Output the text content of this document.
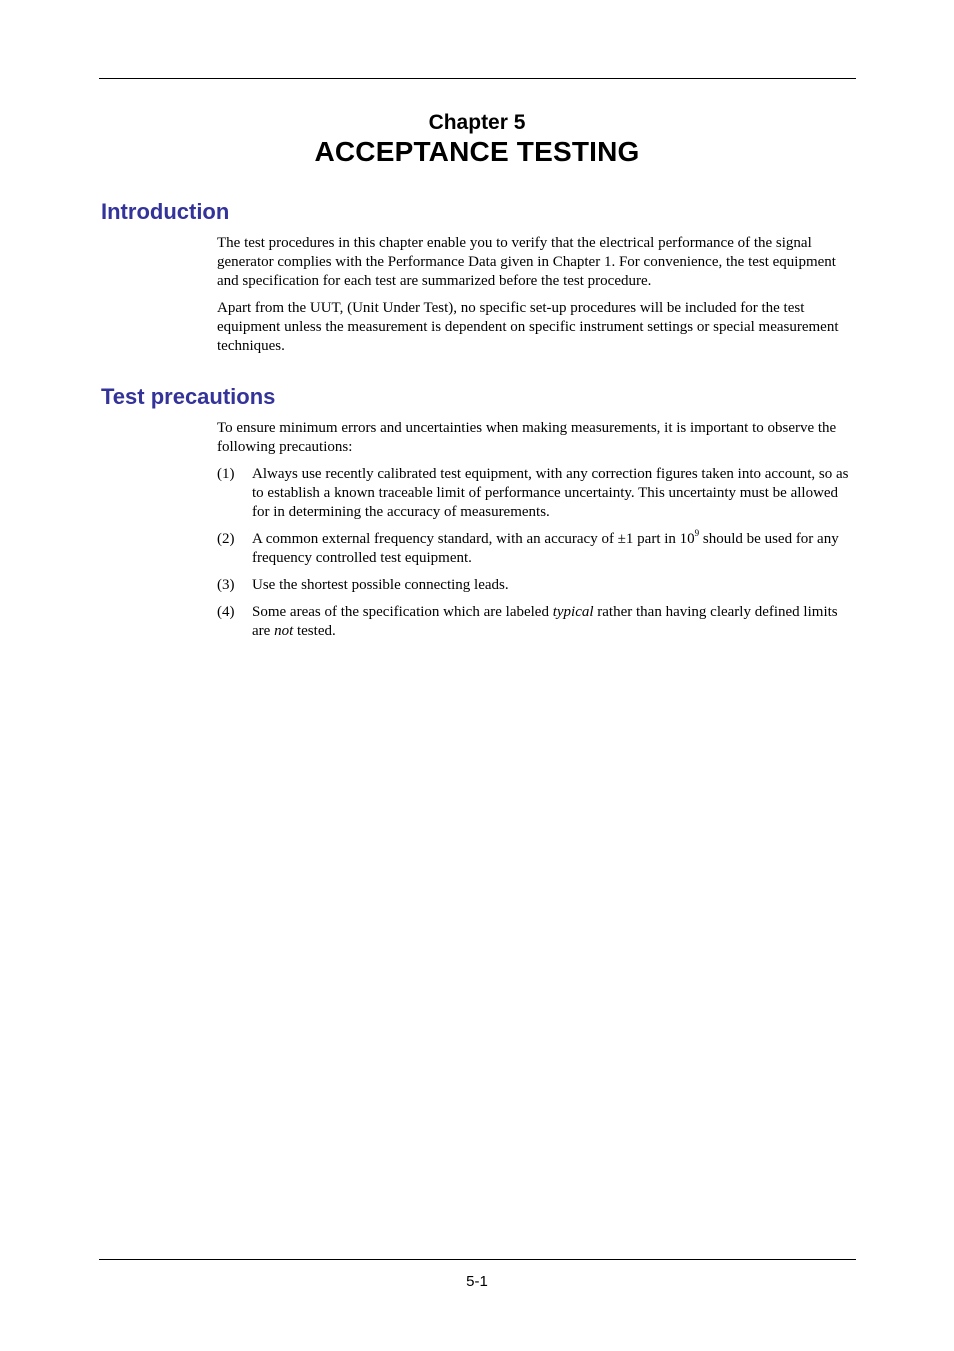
Chapter 5
ACCEPTANCE TESTING
Introduction

The test procedures in this chapter enable you to verify that the electrical performance of the signal generator complies with the Performance Data given in Chapter 1. For convenience, the test equipment and specification for each test are summarized before the test procedure.

Apart from the UUT, (Unit Under Test), no specific set-up procedures will be included for the test equipment unless the measurement is dependent on specific instrument settings or special measurement techniques.

Test precautions

To ensure minimum errors and uncertainties when making measurements, it is important to observe the following precautions:

(1) Always use recently calibrated test equipment, with any correction figures taken into account, so as to establish a known traceable limit of performance uncertainty. This uncertainty must be allowed for in determining the accuracy of measurements.
(2) A common external frequency standard, with an accuracy of ±1 part in $10^9$ should be used for any frequency controlled test equipment.
(3) Use the shortest possible connecting leads.
(4) Some areas of the specification which are labeled typical rather than having clearly defined limits are not tested.
5-1
